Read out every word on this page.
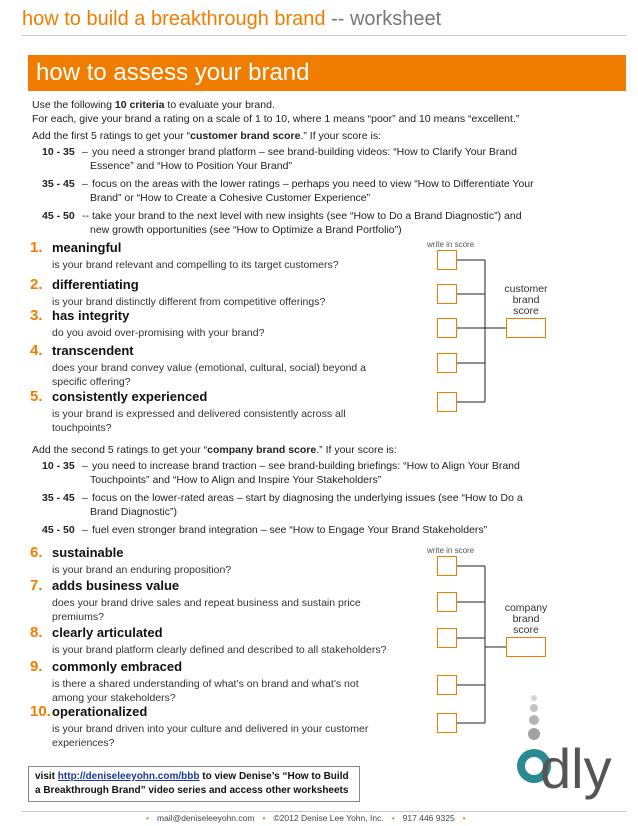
how to build a breakthrough brand -- worksheet
how to assess your brand
Use the following 10 criteria to evaluate your brand.
For each, give your brand a rating on a scale of 1 to 10, where 1 means “poor” and 10 means “excellent.”
Add the first 5 ratings to get your “customer brand score.” If your score is:
10 - 35 – you need a stronger brand platform – see brand-building videos: “How to Clarify Your Brand
Essence” and “How to Position Your Brand”
35 - 45 – focus on the areas with the lower ratings – perhaps you need to view “How to Differentiate Your
Brand” or “How to Create a Cohesive Customer Experience”
45 - 50 -- take your brand to the next level with new insights (see “How to Do a Brand Diagnostic”) and
new growth opportunities (see “How to Optimize a Brand Portfolio”)
1. meaningful
is your brand relevant and compelling to its target customers?
2. differentiating
is your brand distinctly different from competitive offerings?
3. has integrity
do you avoid over-promising with your brand?
4. transcendent
does your brand convey value (emotional, cultural, social) beyond a
specific offering?
5. consistently experienced
is your brand is expressed and delivered consistently across all
touchpoints?
write in score
customer
brand
score
Add the second 5 ratings to get your “company brand score.” If your score is:
10 - 35 – you need to increase brand traction – see brand-building briefings: “How to Align Your Brand
Touchpoints” and “How to Align and Inspire Your Stakeholders”
35 - 45 – focus on the lower-rated areas – start by diagnosing the underlying issues (see “How to Do a
Brand Diagnostic”)
45 - 50 – fuel even stronger brand integration – see “How to Engage Your Brand Stakeholders”
6. sustainable
is your brand an enduring proposition?
7. adds business value
does your brand drive sales and repeat business and sustain price
premiums?
8. clearly articulated
is your brand platform clearly defined and described to all stakeholders?
9. commonly embraced
is there a shared understanding of what’s on brand and what’s not
among your stakeholders?
10. operationalized
is your brand driven into your culture and delivered in your customer
experiences?
write in score
company
brand
score
dly
visit http://deniseleeyohn.com/bbb to view Denise’s “How to Build
a Breakthrough Brand” video series and access other worksheets
• mail@deniseleeyohn.com • ©2012 Denise Lee Yohn, Inc. • 917 446 9325 •
